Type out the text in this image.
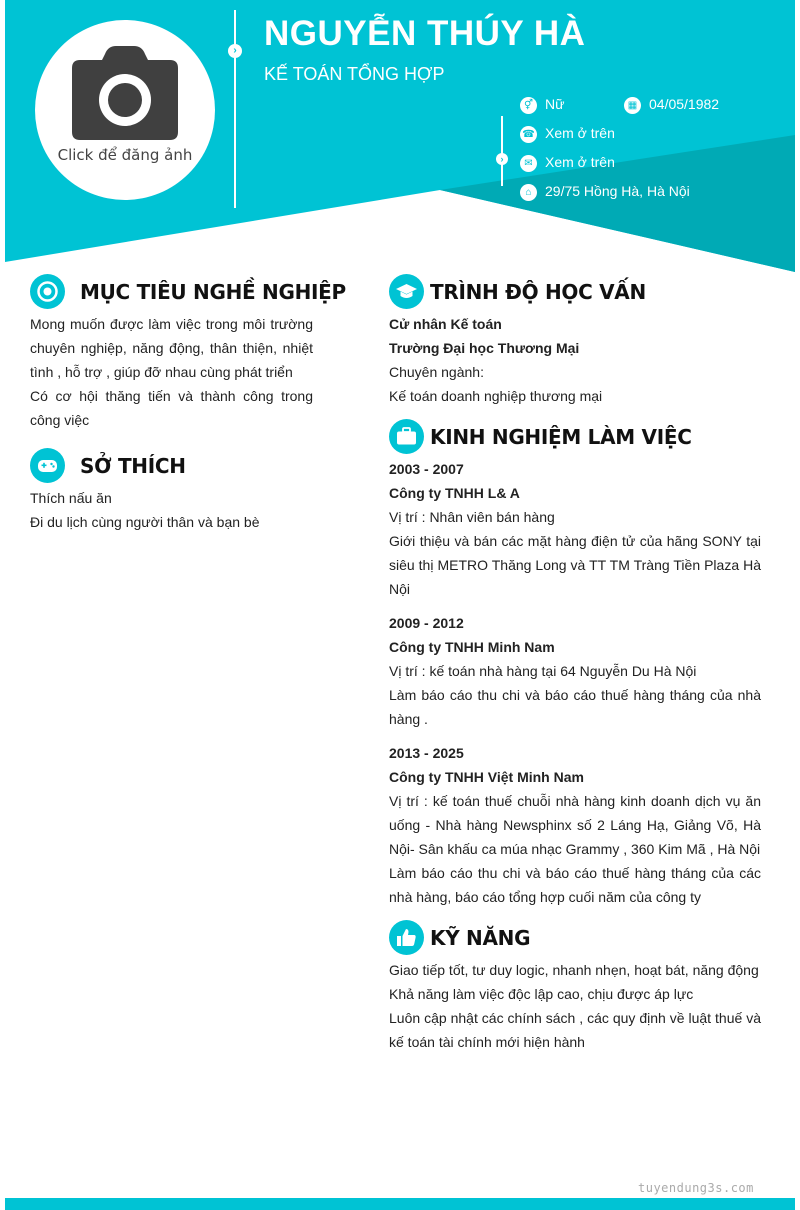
Click để đăng ảnh
› NGUYỄN THÚY HÀ
KẾ TOÁN TỔNG HỢP
⚥ Nữ	▦ 04/05/1982
›
☎ Xem ở trên
✉ Xem ở trên
⌂ 29/75 Hồng Hà, Hà Nội
MỤC TIÊU NGHỀ NGHIỆP
Mong muốn được làm việc trong môi trường chuyên nghiệp, năng động, thân thiện, nhiệt tình , hỗ trợ , giúp đỡ nhau cùng phát triển
Có cơ hội thăng tiến và thành công trong công việc
SỞ THÍCH
Thích nấu ăn
Đi du lịch cùng người thân và bạn bè
TRÌNH ĐỘ HỌC VẤN
Cử nhân Kế toán
Trường Đại học Thương Mại
Chuyên ngành:
Kế toán doanh nghiệp thương mại
KINH NGHIỆM LÀM VIỆC
2003 - 2007
Công ty TNHH L& A
Vị trí : Nhân viên bán hàng
Giới thiệu và bán các mặt hàng điện tử của hãng SONY tại siêu thị METRO Thăng Long và TT TM Tràng Tiền Plaza Hà Nội
2009 - 2012
Công ty TNHH Minh Nam
Vị trí : kế toán nhà hàng tại 64 Nguyễn Du Hà Nội
Làm báo cáo thu chi và báo cáo thuế hàng tháng của nhà hàng .
2013 - 2025
Công ty TNHH Việt Minh Nam
Vị trí : kế toán thuế chuỗi nhà hàng kinh doanh dịch vụ ăn uống - Nhà hàng Newsphinx số 2 Láng Hạ, Giảng Võ, Hà Nội- Sân khấu ca múa nhạc Grammy , 360 Kim Mã , Hà Nội
Làm báo cáo thu chi và báo cáo thuế hàng tháng của các nhà hàng, báo cáo tổng hợp cuối năm của công ty
KỸ NĂNG
Giao tiếp tốt, tư duy logic, nhanh nhẹn, hoạt bát, năng động
Khả năng làm việc độc lập cao, chịu được áp lực
Luôn cập nhật các chính sách , các quy định về luật thuế và kế toán tài chính mới hiện hành
tuyendung3s.com
